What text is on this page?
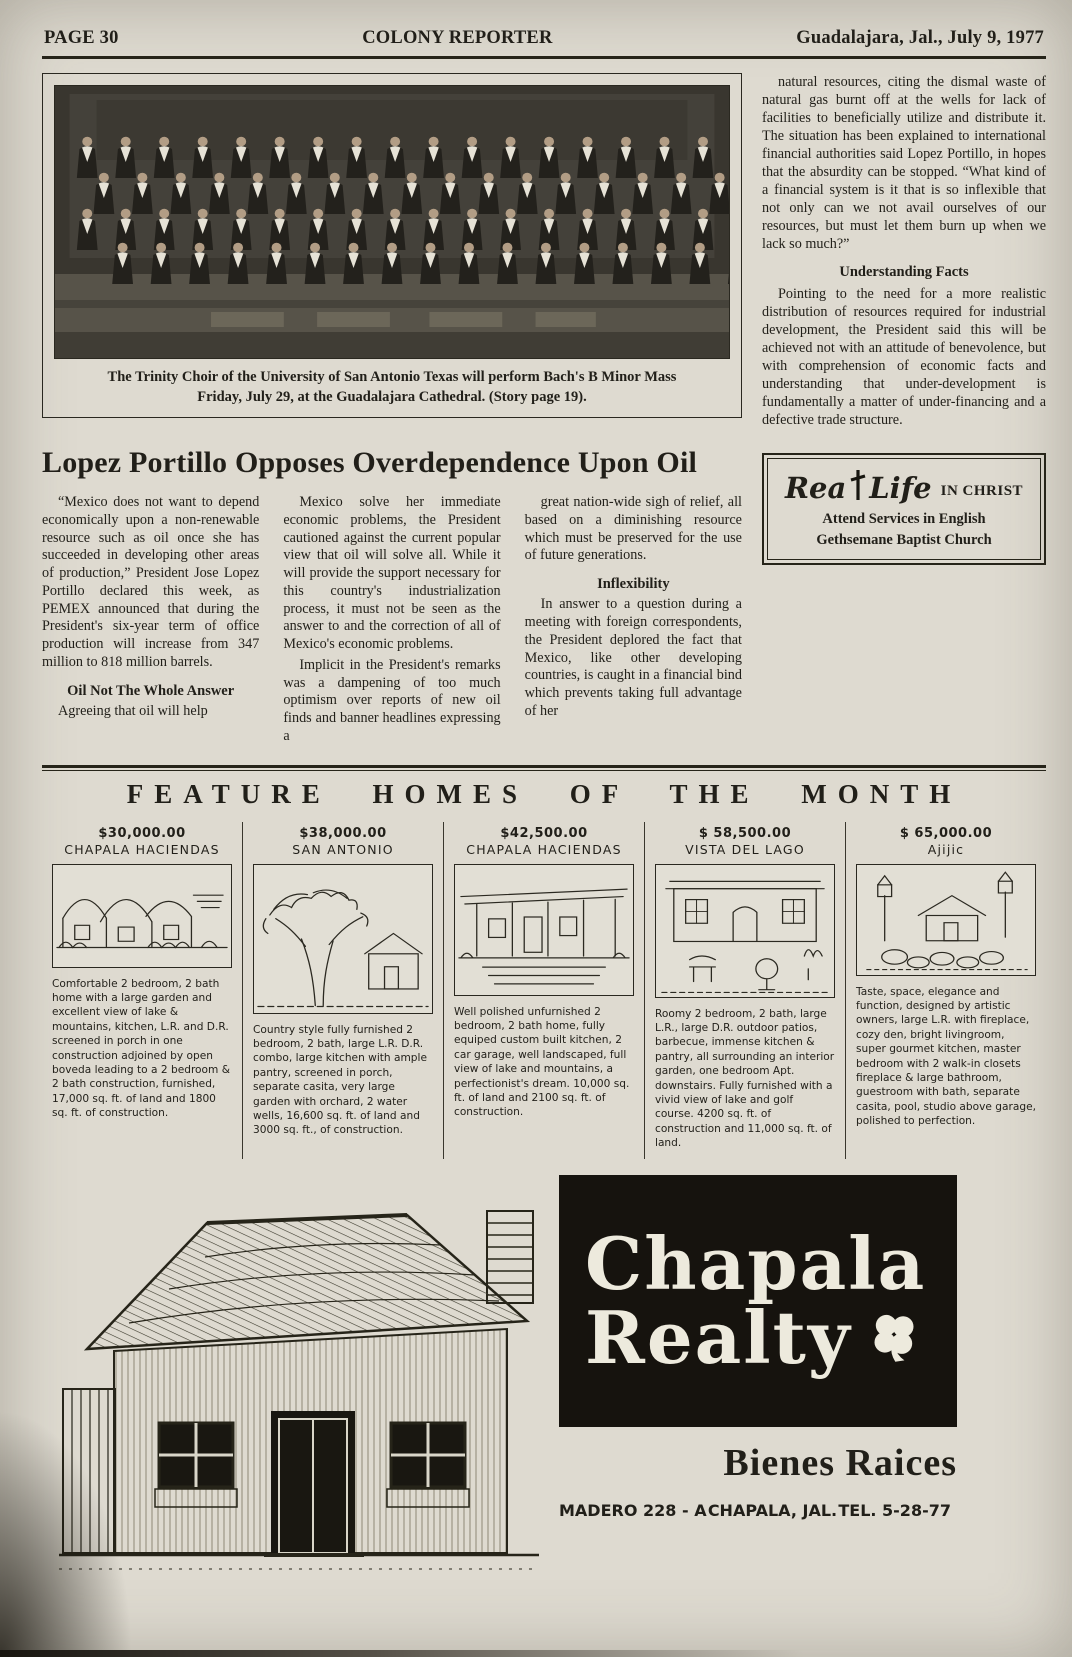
PAGE 30	COLONY REPORTER	Guadalajara, Jal., July 9, 1977
The Trinity Choir of the University of San Antonio Texas will perform Bach's B Minor Mass Friday, July 29, at the Guadalajara Cathedral. (Story page 19).
Lopez Portillo Opposes Overdependence Upon Oil

“Mexico does not want to depend economically upon a non-renewable resource such as oil once she has succeeded in developing other areas of production,” President Jose Lopez Portillo declared this week, as PEMEX announced that during the President's six-year term of office production will increase from 347 million to 818 million barrels.

Oil Not The Whole Answer

Agreeing that oil will help

Mexico solve her immediate economic problems, the President cautioned against the current popular view that oil will solve all. While it will provide the support necessary for this country's industrialization process, it must not be seen as the answer to and the correction of all of Mexico's economic problems.

Implicit in the President's remarks was a dampening of too much optimism over reports of new oil finds and banner headlines expressing a

great nation-wide sigh of relief, all based on a diminishing resource which must be preserved for the use of future generations.

Inflexibility

In answer to a question during a meeting with foreign correspondents, the President deplored the fact that Mexico, like other developing countries, is caught in a financial bind which prevents taking full advantage of her

natural resources, citing the dismal waste of natural gas burnt off at the wells for lack of facilities to beneficially utilize and distribute it. The situation has been explained to international financial authorities said Lopez Portillo, in hopes that the absurdity can be stopped. “What kind of a financial system is it that is so inflexible that not only can we not avail ourselves of our resources, but must let them burn up when we lack so much?”

Understanding Facts

Pointing to the need for a more realistic distribution of resources required for industrial development, the President said this will be achieved not with an attitude of benevolence, but with comprehension of economic facts and understanding that under-development is fundamentally a matter of under-financing and a defective trade structure.

Rea Life IN CHRIST
Attend Services in English
Gethsemane Baptist Church
FEATURE HOMES OF THE MONTH
$30,000.00
CHAPALA HACIENDAS
Comfortable 2 bedroom, 2 bath home with a large garden and excellent view of lake & mountains, kitchen, L.R. and D.R. screened in porch in one construction adjoined by open boveda leading to a 2 bedroom & 2 bath construction, furnished, 17,000 sq. ft. of land and 1800 sq. ft. of construction.
$38,000.00
SAN ANTONIO
Country style fully furnished 2 bedroom, 2 bath, large L.R. D.R. combo, large kitchen with ample pantry, screened in porch, separate casita, very large garden with orchard, 2 water wells, 16,600 sq. ft. of land and 3000 sq. ft., of construction.
$42,500.00
CHAPALA HACIENDAS
Well polished unfurnished 2 bedroom, 2 bath home, fully equiped custom built kitchen, 2 car garage, well landscaped, full view of lake and mountains, a perfectionist's dream. 10,000 sq. ft. of land and 2100 sq. ft. of construction.
$ 58,500.00
VISTA DEL LAGO
Roomy 2 bedroom, 2 bath, large L.R., large D.R. outdoor patios, barbecue, immense kitchen & pantry, all surrounding an interior garden, one bedroom Apt. downstairs. Fully furnished with a vivid view of lake and golf course. 4200 sq. ft. of construction and 11,000 sq. ft. of land.
$ 65,000.00
Ajijic
Taste, space, elegance and function, designed by artistic owners, large L.R. with fireplace, cozy den, bright livingroom, super gourmet kitchen, master bedroom with 2 walk-in closets fireplace & large bathroom, guestroom with bath, separate casita, pool, studio above garage, polished to perfection.
Chapala
Realty
Bienes Raices
MADERO 228 - A CHAPALA, JAL. TEL. 5-28-77
